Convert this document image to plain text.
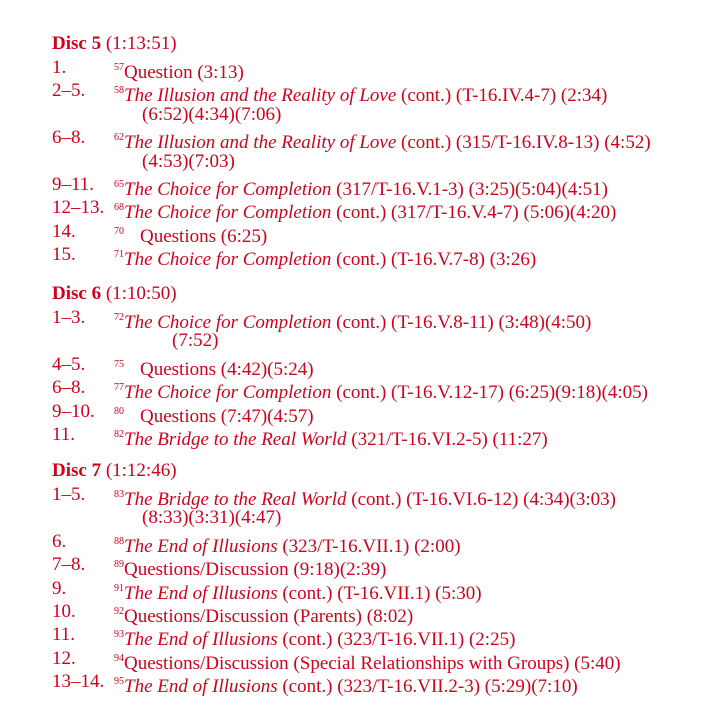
Disc 5 (1:13:51)
1.	$^{57}$Question (3:13)
2–5.	$^{58}$The Illusion and the Reality of Love (cont.) (T-16.IV.4-7) (2:34)
(6:52)(4:34)(7:06)
6–8.	$^{62}$The Illusion and the Reality of Love (cont.) (315/T-16.IV.8-13) (4:52)
(4:53)(7:03)
9–11. $^{65}$The Choice for Completion (317/T-16.V.1-3) (3:25)(5:04)(4:51)
12–13. $^{68}$The Choice for Completion (cont.) (317/T-16.V.4-7) (5:06)(4:20)
14.	$^{70}$ Questions (6:25)
15.	$^{71}$The Choice for Completion (cont.) (T-16.V.7-8) (3:26)
Disc 6 (1:10:50)
1–3.	$^{72}$The Choice for Completion (cont.) (T-16.V.8-11) (3:48)(4:50)
(7:52)
4–5.	$^{75}$ Questions (4:42)(5:24)
6–8.	$^{77}$The Choice for Completion (cont.) (T-16.V.12-17) (6:25)(9:18)(4:05)
9–10. $^{80}$ Questions (7:47)(4:57)
11.	$^{82}$The Bridge to the Real World (321/T-16.VI.2-5) (11:27)
Disc 7 (1:12:46)
1–5.	$^{83}$The Bridge to the Real World (cont.) (T-16.VI.6-12) (4:34)(3:03)
(8:33)(3:31)(4:47)
6.	$^{88}$The End of Illusions (323/T-16.VII.1) (2:00)
7–8.	$^{89}$Questions/Discussion (9:18)(2:39)
9.	$^{91}$The End of Illusions (cont.) (T-16.VII.1) (5:30)
10.	$^{92}$Questions/Discussion (Parents) (8:02)
11.	$^{93}$The End of Illusions (cont.) (323/T-16.VII.1) (2:25)
12.	$^{94}$Questions/Discussion (Special Relationships with Groups) (5:40)
13–14. $^{95}$The End of Illusions (cont.) (323/T-16.VII.2-3) (5:29)(7:10)
